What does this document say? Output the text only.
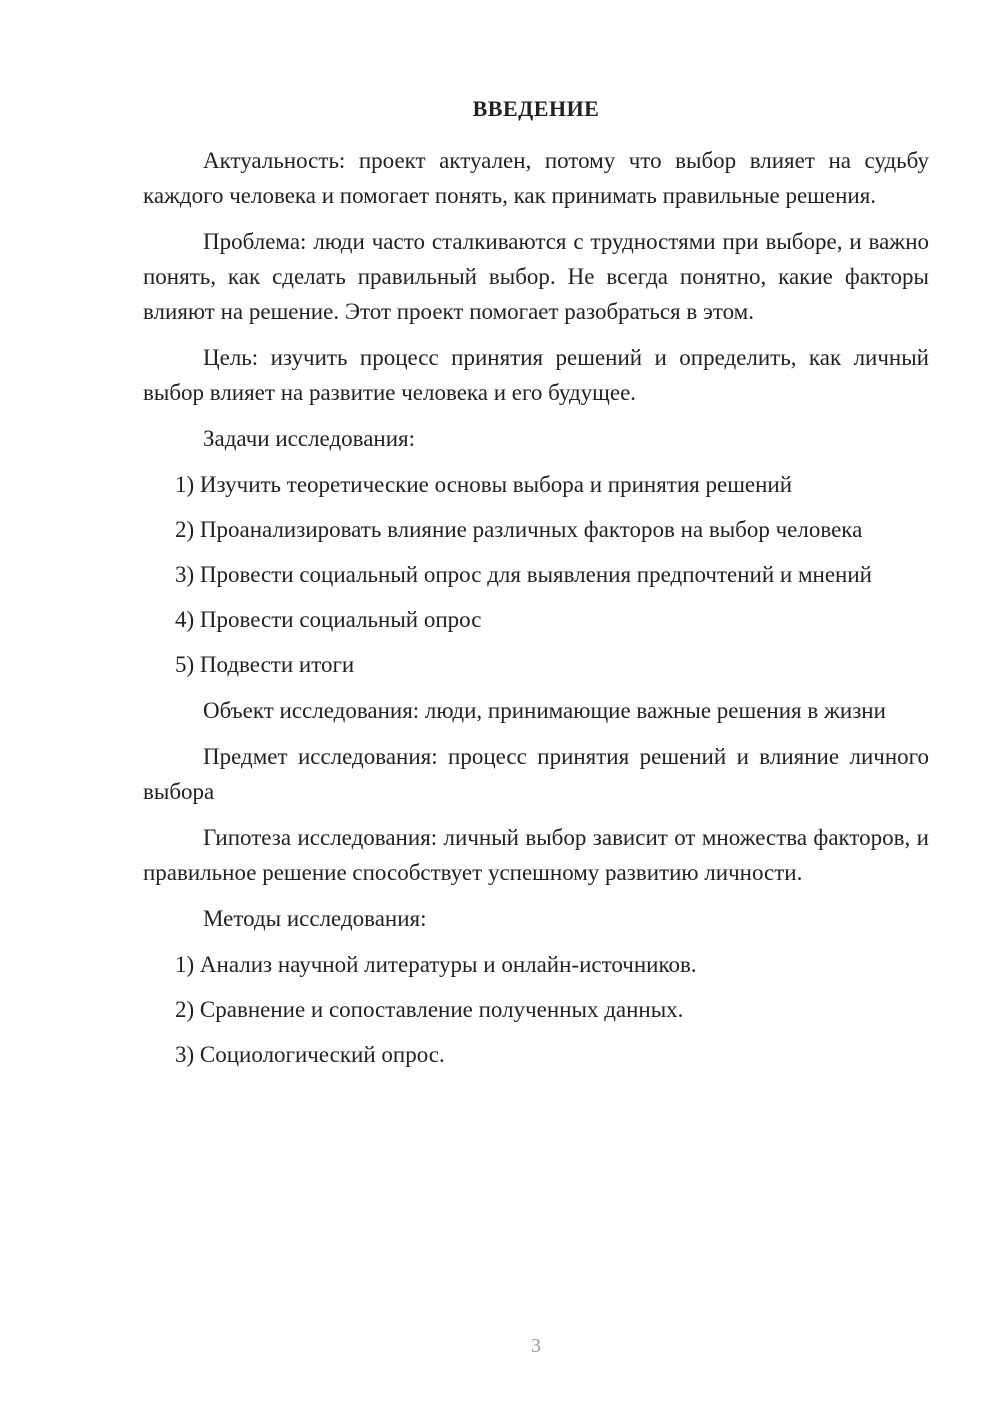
ВВЕДЕНИЕ

Актуальность: проект актуален, потому что выбор влияет на судьбу каждого человека и помогает понять, как принимать правильные решения.

Проблема: люди часто сталкиваются с трудностями при выборе, и важно понять, как сделать правильный выбор. Не всегда понятно, какие факторы влияют на решение. Этот проект помогает разобраться в этом.

Цель: изучить процесс принятия решений и определить, как личный выбор влияет на развитие человека и его будущее.

Задачи исследования:

1) Изучить теоретические основы выбора и принятия решений
2) Проанализировать влияние различных факторов на выбор человека
3) Провести социальный опрос для выявления предпочтений и мнений
4) Провести социальный опрос
5) Подвести итоги

Объект исследования: люди, принимающие важные решения в жизни

Предмет исследования: процесс принятия решений и влияние личного выбора

Гипотеза исследования: личный выбор зависит от множества факторов, и правильное решение способствует успешному развитию личности.

Методы исследования:

1) Анализ научной литературы и онлайн-источников.
2) Сравнение и сопоставление полученных данных.
3) Социологический опрос.
3
